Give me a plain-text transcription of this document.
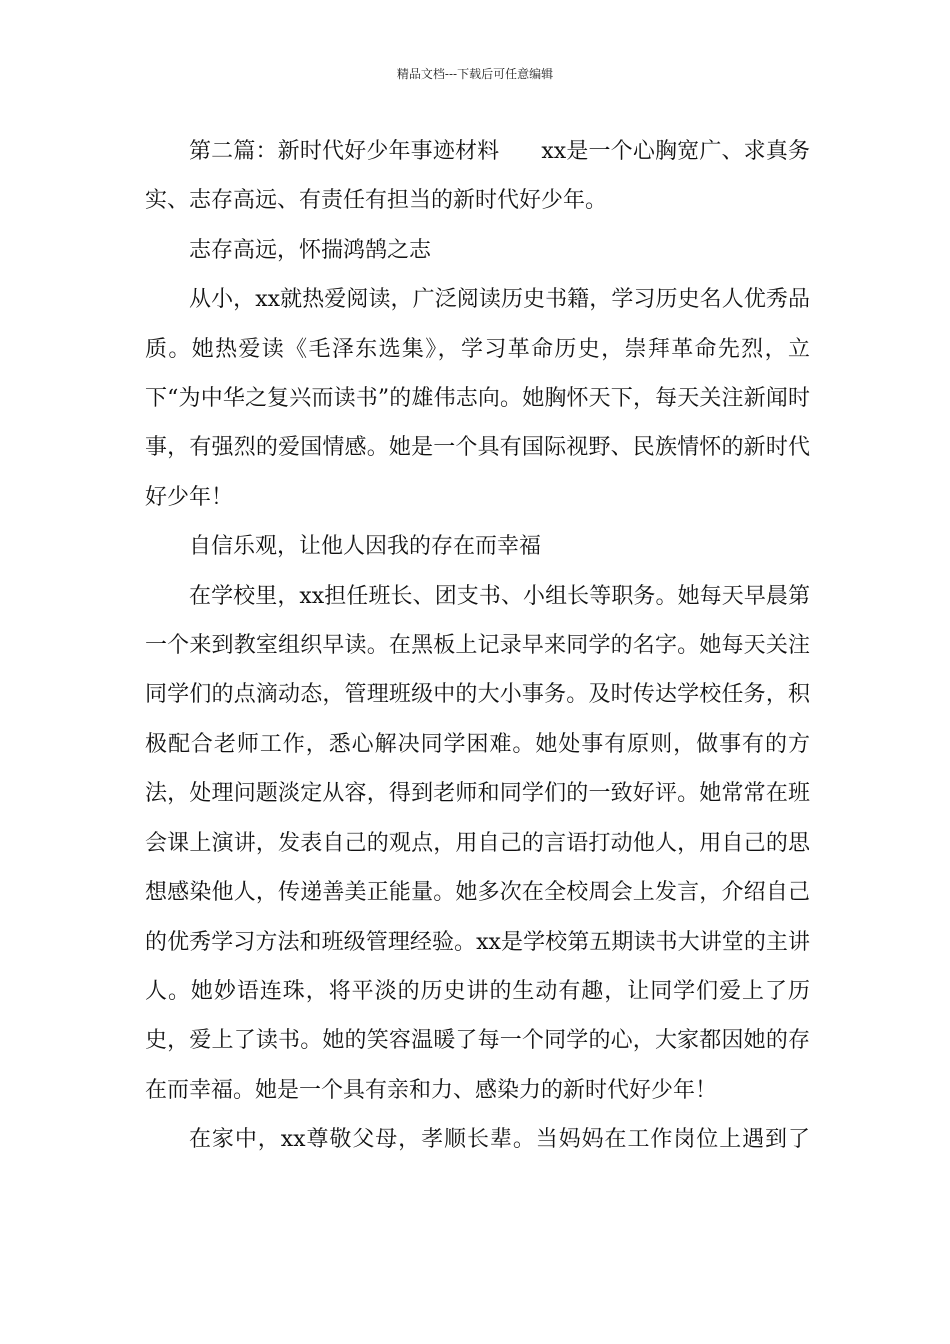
精品文档---下载后可任意编辑

第二篇：新时代好少年事迹材料 xx是一个心胸宽广、求真务实、志存高远、有责任有担当的新时代好少年。

志存高远，怀揣鸿鹄之志

从小，xx就热爱阅读，广泛阅读历史书籍，学习历史名人优秀品质。她热爱读《毛泽东选集》，学习革命历史，崇拜革命先烈，立下“为中华之复兴而读书”的雄伟志向。她胸怀天下，每天关注新闻时事，有强烈的爱国情感。她是一个具有国际视野、民族情怀的新时代好少年！

自信乐观，让他人因我的存在而幸福

在学校里，xx担任班长、团支书、小组长等职务。她每天早晨第一个来到教室组织早读。在黑板上记录早来同学的名字。她每天关注同学们的点滴动态，管理班级中的大小事务。及时传达学校任务，积极配合老师工作，悉心解决同学困难。她处事有原则，做事有的方法，处理问题淡定从容，得到老师和同学们的一致好评。她常常在班会课上演讲，发表自己的观点，用自己的言语打动他人，用自己的思想感染他人，传递善美正能量。她多次在全校周会上发言，介绍自己的优秀学习方法和班级管理经验。xx是学校第五期读书大讲堂的主讲人。她妙语连珠，将平淡的历史讲的生动有趣，让同学们爱上了历史，爱上了读书。她的笑容温暖了每一个同学的心，大家都因她的存在而幸福。她是一个具有亲和力、感染力的新时代好少年！

在家中，xx尊敬父母，孝顺长辈。当妈妈在工作岗位上遇到了
